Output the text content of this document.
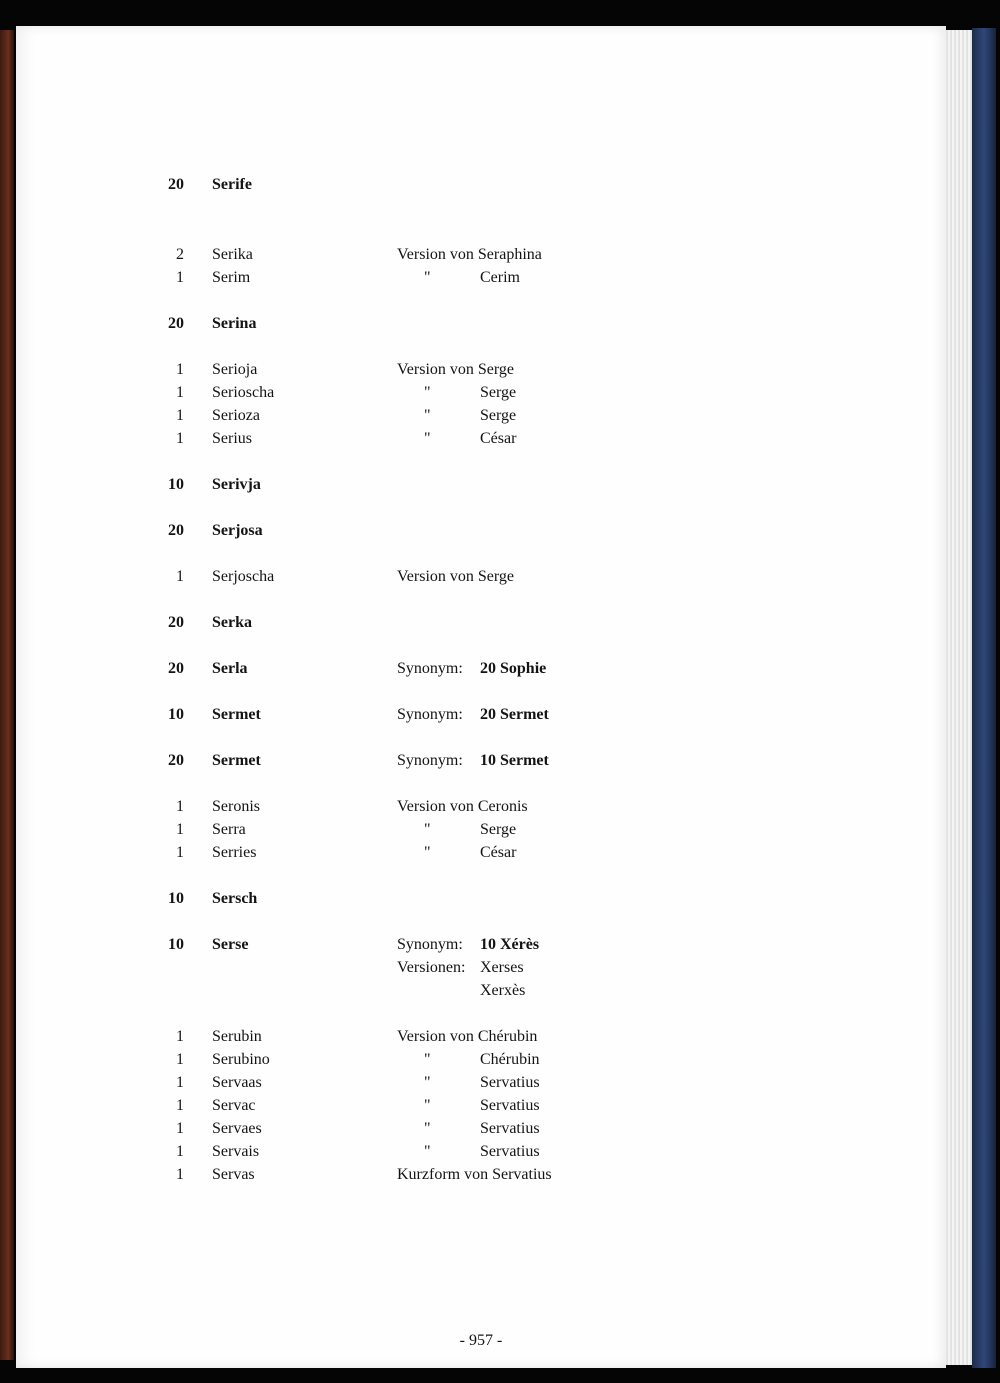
20 Serife
2 Serika	Version von Seraphina
1 Serim	"	Cerim
20 Serina
1 Serioja	Version von Serge
1 Serioscha	"	Serge
1 Serioza	"	Serge
1 Serius	"	César
10 Serivja
20 Serjosa
1 Serjoscha	Version von Serge
20 Serka
20 Serla	Synonym: 20 Sophie
10 Sermet	Synonym: 20 Sermet
20 Sermet	Synonym: 10 Sermet
1 Seronis	Version von Ceronis
1 Serra	"	Serge
1 Serries	"	César
10 Sersch
10 Serse	Synonym: 10 Xérès
Versionen: Xerses
Xerxès
1 Serubin	Version von Chérubin
1 Serubino	"	Chérubin
1 Servaas	"	Servatius
1 Servac	"	Servatius
1 Servaes	"	Servatius
1 Servais	"	Servatius
1 Servas	Kurzform von Servatius
- 957 -
